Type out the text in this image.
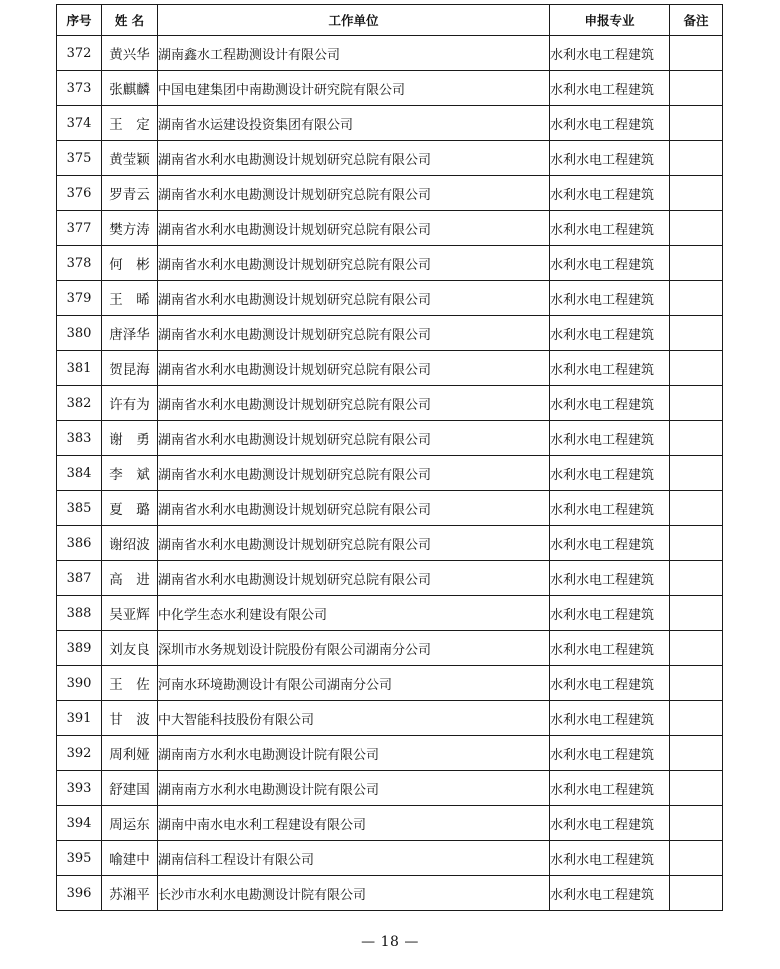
序号	姓 名	工作单位	申报专业	备注
372	黄兴华	湖南鑫水工程勘测设计有限公司	水利水电工程建筑	
373	张麒麟	中国电建集团中南勘测设计研究院有限公司	水利水电工程建筑	
374	王　定	湖南省水运建设投资集团有限公司	水利水电工程建筑	
375	黄莹颖	湖南省水利水电勘测设计规划研究总院有限公司	水利水电工程建筑	
376	罗青云	湖南省水利水电勘测设计规划研究总院有限公司	水利水电工程建筑	
377	樊方涛	湖南省水利水电勘测设计规划研究总院有限公司	水利水电工程建筑	
378	何　彬	湖南省水利水电勘测设计规划研究总院有限公司	水利水电工程建筑	
379	王　晞	湖南省水利水电勘测设计规划研究总院有限公司	水利水电工程建筑	
380	唐泽华	湖南省水利水电勘测设计规划研究总院有限公司	水利水电工程建筑	
381	贺昆海	湖南省水利水电勘测设计规划研究总院有限公司	水利水电工程建筑	
382	许有为	湖南省水利水电勘测设计规划研究总院有限公司	水利水电工程建筑	
383	谢　勇	湖南省水利水电勘测设计规划研究总院有限公司	水利水电工程建筑	
384	李　斌	湖南省水利水电勘测设计规划研究总院有限公司	水利水电工程建筑	
385	夏　璐	湖南省水利水电勘测设计规划研究总院有限公司	水利水电工程建筑	
386	谢绍波	湖南省水利水电勘测设计规划研究总院有限公司	水利水电工程建筑	
387	高　进	湖南省水利水电勘测设计规划研究总院有限公司	水利水电工程建筑	
388	吴亚辉	中化学生态水利建设有限公司	水利水电工程建筑	
389	刘友良	深圳市水务规划设计院股份有限公司湖南分公司	水利水电工程建筑	
390	王　佐	河南水环境勘测设计有限公司湖南分公司	水利水电工程建筑	
391	甘　波	中大智能科技股份有限公司	水利水电工程建筑	
392	周利娅	湖南南方水利水电勘测设计院有限公司	水利水电工程建筑	
393	舒建国	湖南南方水利水电勘测设计院有限公司	水利水电工程建筑	
394	周运东	湖南中南水电水利工程建设有限公司	水利水电工程建筑	
395	喻建中	湖南信科工程设计有限公司	水利水电工程建筑	
396	苏湘平	长沙市水利水电勘测设计院有限公司	水利水电工程建筑	
— 18 —
